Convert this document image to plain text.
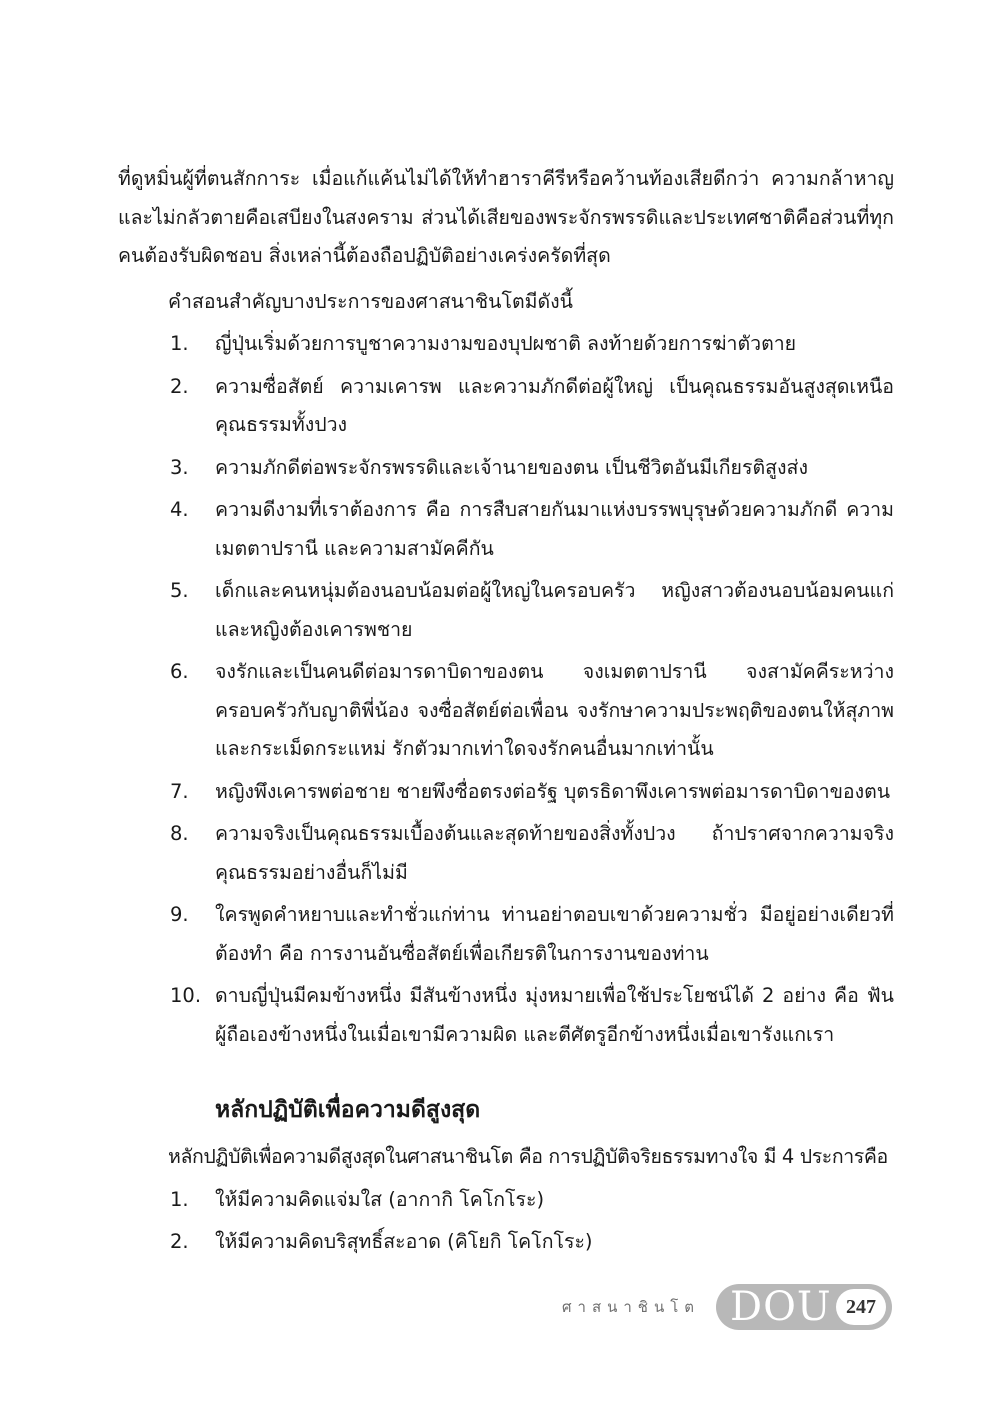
ที่ดูหมิ่นผู้ที่ตนสักการะ เมื่อแก้แค้นไม่ได้ให้ทำฮาราคีรีหรือคว้านท้องเสียดีกว่า ความกล้าหาญและไม่กลัวตายคือเสบียงในสงคราม ส่วนได้เสียของพระจักรพรรดิและประเทศชาติคือส่วนที่ทุกคนต้องรับผิดชอบ สิ่งเหล่านี้ต้องถือปฏิบัติอย่างเคร่งครัดที่สุด

คำสอนสำคัญบางประการของศาสนาชินโตมีดังนี้

1.	ญี่ปุ่นเริ่มด้วยการบูชาความงามของบุปผชาติ ลงท้ายด้วยการฆ่าตัวตาย
2.	ความซื่อสัตย์ ความเคารพ และความภักดีต่อผู้ใหญ่ เป็นคุณธรรมอันสูงสุดเหนือคุณธรรมทั้งปวง
3.	ความภักดีต่อพระจักรพรรดิและเจ้านายของตน เป็นชีวิตอันมีเกียรติสูงส่ง
4.	ความดีงามที่เราต้องการ คือ การสืบสายกันมาแห่งบรรพบุรุษด้วยความภักดี ความเมตตาปรานี และความสามัคคีกัน
5.	เด็กและคนหนุ่มต้องนอบน้อมต่อผู้ใหญ่ในครอบครัว หญิงสาวต้องนอบน้อมคนแก่และหญิงต้องเคารพชาย
6.	จงรักและเป็นคนดีต่อมารดาบิดาของตน จงเมตตาปรานี จงสามัคคีระหว่างครอบครัวกับญาติพี่น้อง จงซื่อสัตย์ต่อเพื่อน จงรักษาความประพฤติของตนให้สุภาพ และกระเม็ดกระแหม่ รักตัวมากเท่าใดจงรักคนอื่นมากเท่านั้น
7.	หญิงพึงเคารพต่อชาย ชายพึงซื่อตรงต่อรัฐ บุตรธิดาพึงเคารพต่อมารดาบิดาของตน
8.	ความจริงเป็นคุณธรรมเบื้องต้นและสุดท้ายของสิ่งทั้งปวง ถ้าปราศจากความจริงคุณธรรมอย่างอื่นก็ไม่มี
9.	ใครพูดคำหยาบและทำชั่วแก่ท่าน ท่านอย่าตอบเขาด้วยความชั่ว มีอยู่อย่างเดียวที่ต้องทำ คือ การงานอันซื่อสัตย์เพื่อเกียรติในการงานของท่าน
10. ดาบญี่ปุ่นมีคมข้างหนึ่ง มีสันข้างหนึ่ง มุ่งหมายเพื่อใช้ประโยชน์ได้ 2 อย่าง คือ ฟันผู้ถือเองข้างหนึ่งในเมื่อเขามีความผิด และตีศัตรูอีกข้างหนึ่งเมื่อเขารังแกเรา
หลักปฏิบัติเพื่อความดีสูงสุด

หลักปฏิบัติเพื่อความดีสูงสุดในศาสนาชินโต คือ การปฏิบัติจริยธรรมทางใจ มี 4 ประการคือ

1.	ให้มีความคิดแจ่มใส (อากากิ โคโกโระ)
2.	ให้มีความคิดบริสุทธิ์สะอาด (คิโยกิ โคโกโระ)
ศาสนาชินโต DOU 247
